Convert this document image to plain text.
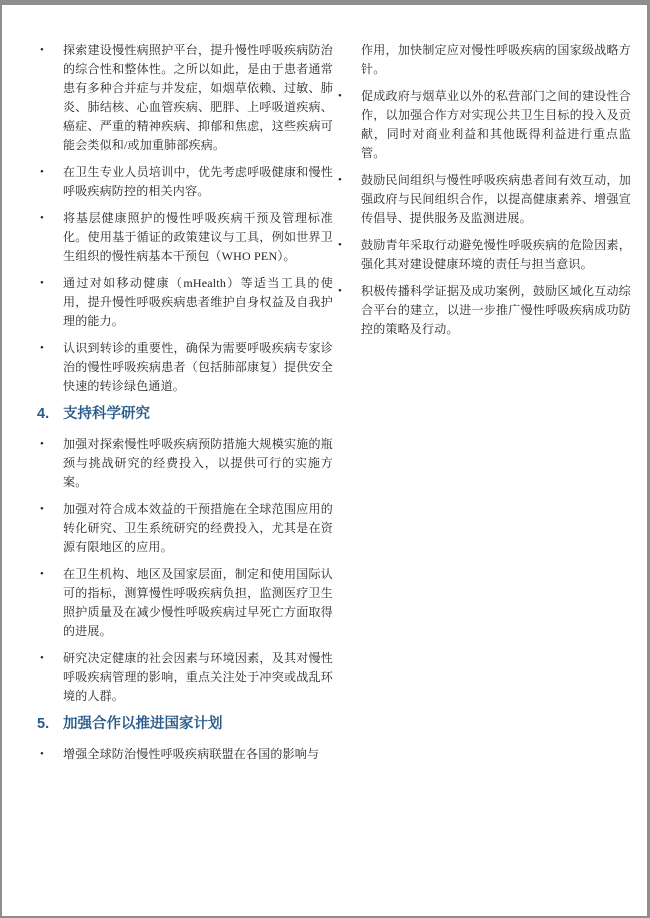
• 探索建设慢性病照护平台，提升慢性呼吸疾病防治的综合性和整体性。之所以如此，是由于患者通常患有多种合并症与并发症，如烟草依赖、过敏、肺炎、肺结核、心血管疾病、肥胖、上呼吸道疾病、癌症、严重的精神疾病、抑郁和焦虑，这些疾病可能会类似和/或加重肺部疾病。
• 在卫生专业人员培训中，优先考虑呼吸健康和慢性呼吸疾病防控的相关内容。
• 将基层健康照护的慢性呼吸疾病干预及管理标准化。使用基于循证的政策建议与工具，例如世界卫生组织的慢性病基本干预包（WHO PEN）。
• 通过对如移动健康（mHealth）等适当工具的使用，提升慢性呼吸疾病患者维护自身权益及自我护理的能力。
• 认识到转诊的重要性，确保为需要呼吸疾病专家诊治的慢性呼吸疾病患者（包括肺部康复）提供安全快速的转诊绿色通道。
4. 支持科学研究
• 加强对探索慢性呼吸疾病预防措施大规模实施的瓶颈与挑战研究的经费投入，以提供可行的实施方案。
• 加强对符合成本效益的干预措施在全球范围应用的转化研究、卫生系统研究的经费投入，尤其是在资源有限地区的应用。
• 在卫生机构、地区及国家层面，制定和使用国际认可的指标，测算慢性呼吸疾病负担，监测医疗卫生照护质量及在减少慢性呼吸疾病过早死亡方面取得的进展。
• 研究决定健康的社会因素与环境因素，及其对慢性呼吸疾病管理的影响，重点关注处于冲突或战乱环境的人群。
5. 加强合作以推进国家计划
• 增强全球防治慢性呼吸疾病联盟在各国的影响与
作用，加快制定应对慢性呼吸疾病的国家级战略方针。
• 促成政府与烟草业以外的私营部门之间的建设性合作，以加强合作方对实现公共卫生目标的投入及贡献，同时对商业利益和其他既得利益进行重点监管。
• 鼓励民间组织与慢性呼吸疾病患者间有效互动，加强政府与民间组织合作，以提高健康素养、增强宣传倡导、提供服务及监测进展。
• 鼓励青年采取行动避免慢性呼吸疾病的危险因素，强化其对建设健康环境的责任与担当意识。
• 积极传播科学证据及成功案例，鼓励区域化互动综合平台的建立，以进一步推广慢性呼吸疾病成功防控的策略及行动。
